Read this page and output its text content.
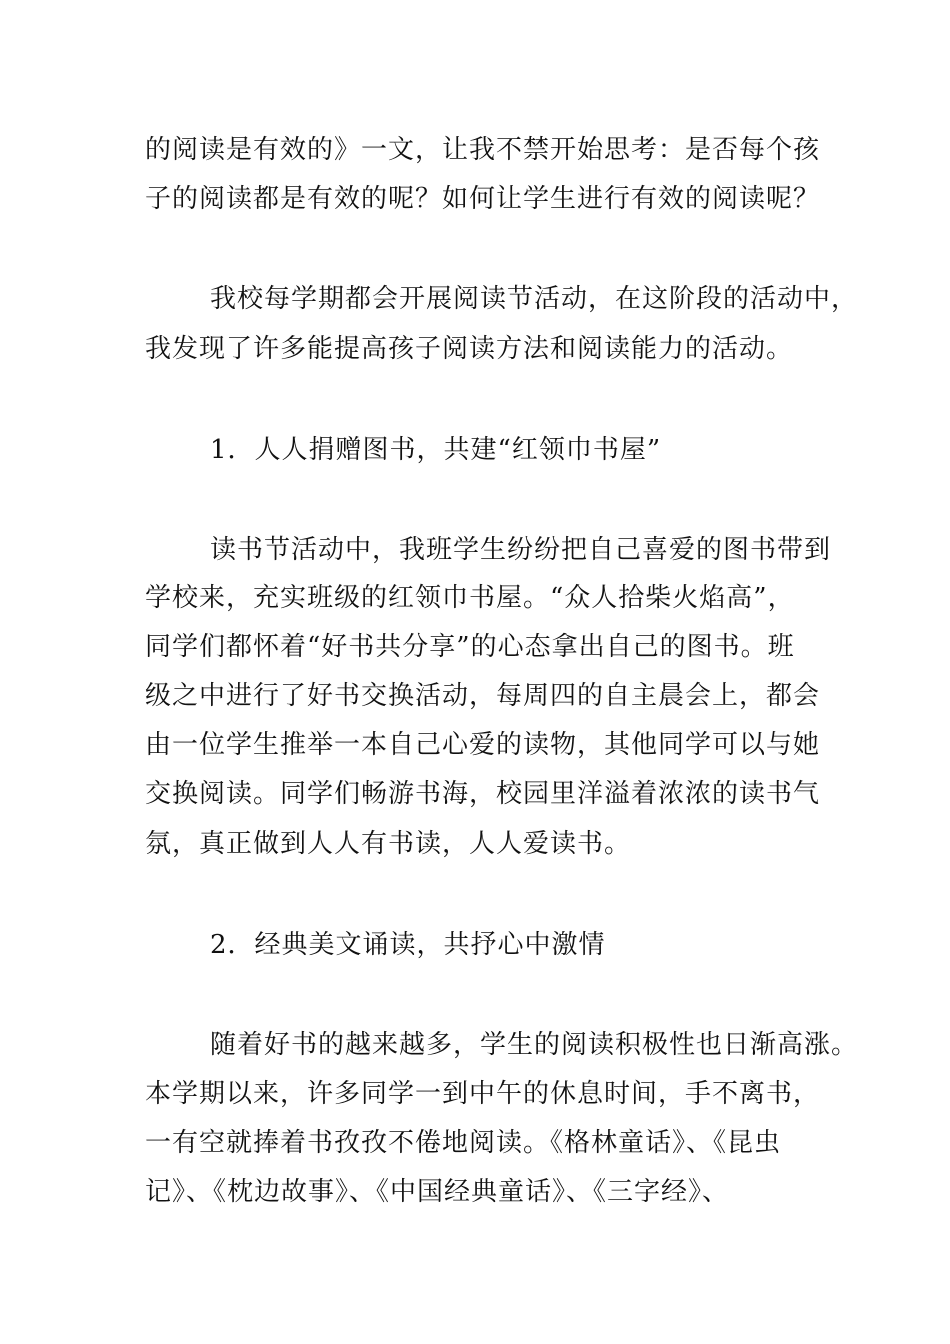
的阅读是有效的》一文，让我不禁开始思考：是否每个孩
子的阅读都是有效的呢？如何让学生进行有效的阅读呢？
我校每学期都会开展阅读节活动，在这阶段的活动中，
我发现了许多能提高孩子阅读方法和阅读能力的活动。
1．人人捐赠图书，共建“红领巾书屋”
读书节活动中，我班学生纷纷把自己喜爱的图书带到
学校来，充实班级的红领巾书屋。“众人拾柴火焰高”，
同学们都怀着“好书共分享”的心态拿出自己的图书。班
级之中进行了好书交换活动，每周四的自主晨会上，都会
由一位学生推举一本自己心爱的读物，其他同学可以与她
交换阅读。同学们畅游书海，校园里洋溢着浓浓的读书气
氛，真正做到人人有书读，人人爱读书。
2．经典美文诵读，共抒心中激情
随着好书的越来越多，学生的阅读积极性也日渐高涨。
本学期以来，许多同学一到中午的休息时间，手不离书，
一有空就捧着书孜孜不倦地阅读。《格林童话》、《昆虫
记》、《枕边故事》、《中国经典童话》、《三字经》、
